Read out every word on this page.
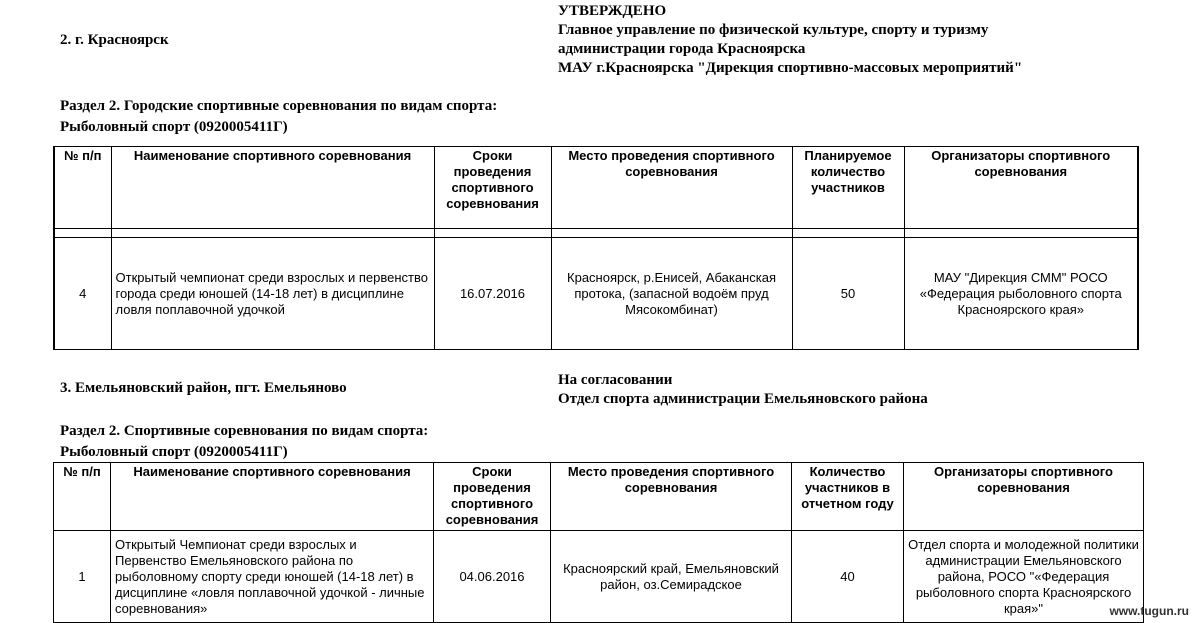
2. г. Красноярск
УТВЕРЖДЕНО
Главное управление по физической культуре, спорту и туризму
администрации города Красноярска
МАУ г.Красноярска "Дирекция спортивно-массовых мероприятий"
Раздел 2. Городские спортивные соревнования по видам спорта:
Рыболовный спорт (0920005411Г)
№ п/п	Наименование спортивного соревнования	Сроки проведения спортивного соревнования	Место проведения спортивного соревнования	Планируемое количество участников	Организаторы спортивного соревнования

4	Открытый чемпионат среди взрослых и первенство города среди юношей (14-18 лет) в дисциплине ловля поплавочной удочкой	16.07.2016	Красноярск, р.Енисей, Абаканская протока, (запасной водоём пруд Мясокомбинат)	50	МАУ "Дирекция СММ" РОСО «Федерация рыболовного спорта Красноярского края»
3. Емельяновский район, пгт. Емельяново	На согласовании
Отдел спорта администрации Емельяновского района
Раздел 2. Спортивные соревнования по видам спорта:
Рыболовный спорт (0920005411Г)
№ п/п	Наименование спортивного соревнования	Сроки проведения спортивного соревнования	Место проведения спортивного соревнования	Количество участников в отчетном году	Организаторы спортивного соревнования
1	Открытый Чемпионат среди взрослых и Первенство Емельяновского района по рыболовному спорту среди юношей (14-18 лет) в дисциплине «ловля поплавочной удочкой - личные соревнования»	04.06.2016	Красноярский край, Емельяновский район, оз.Семирадское	40	Отдел спорта и молодежной политики администрации Емельяновского района, РОСО "«Федерация рыболовного спорта Красноярского края»"	www.tugun.ru
